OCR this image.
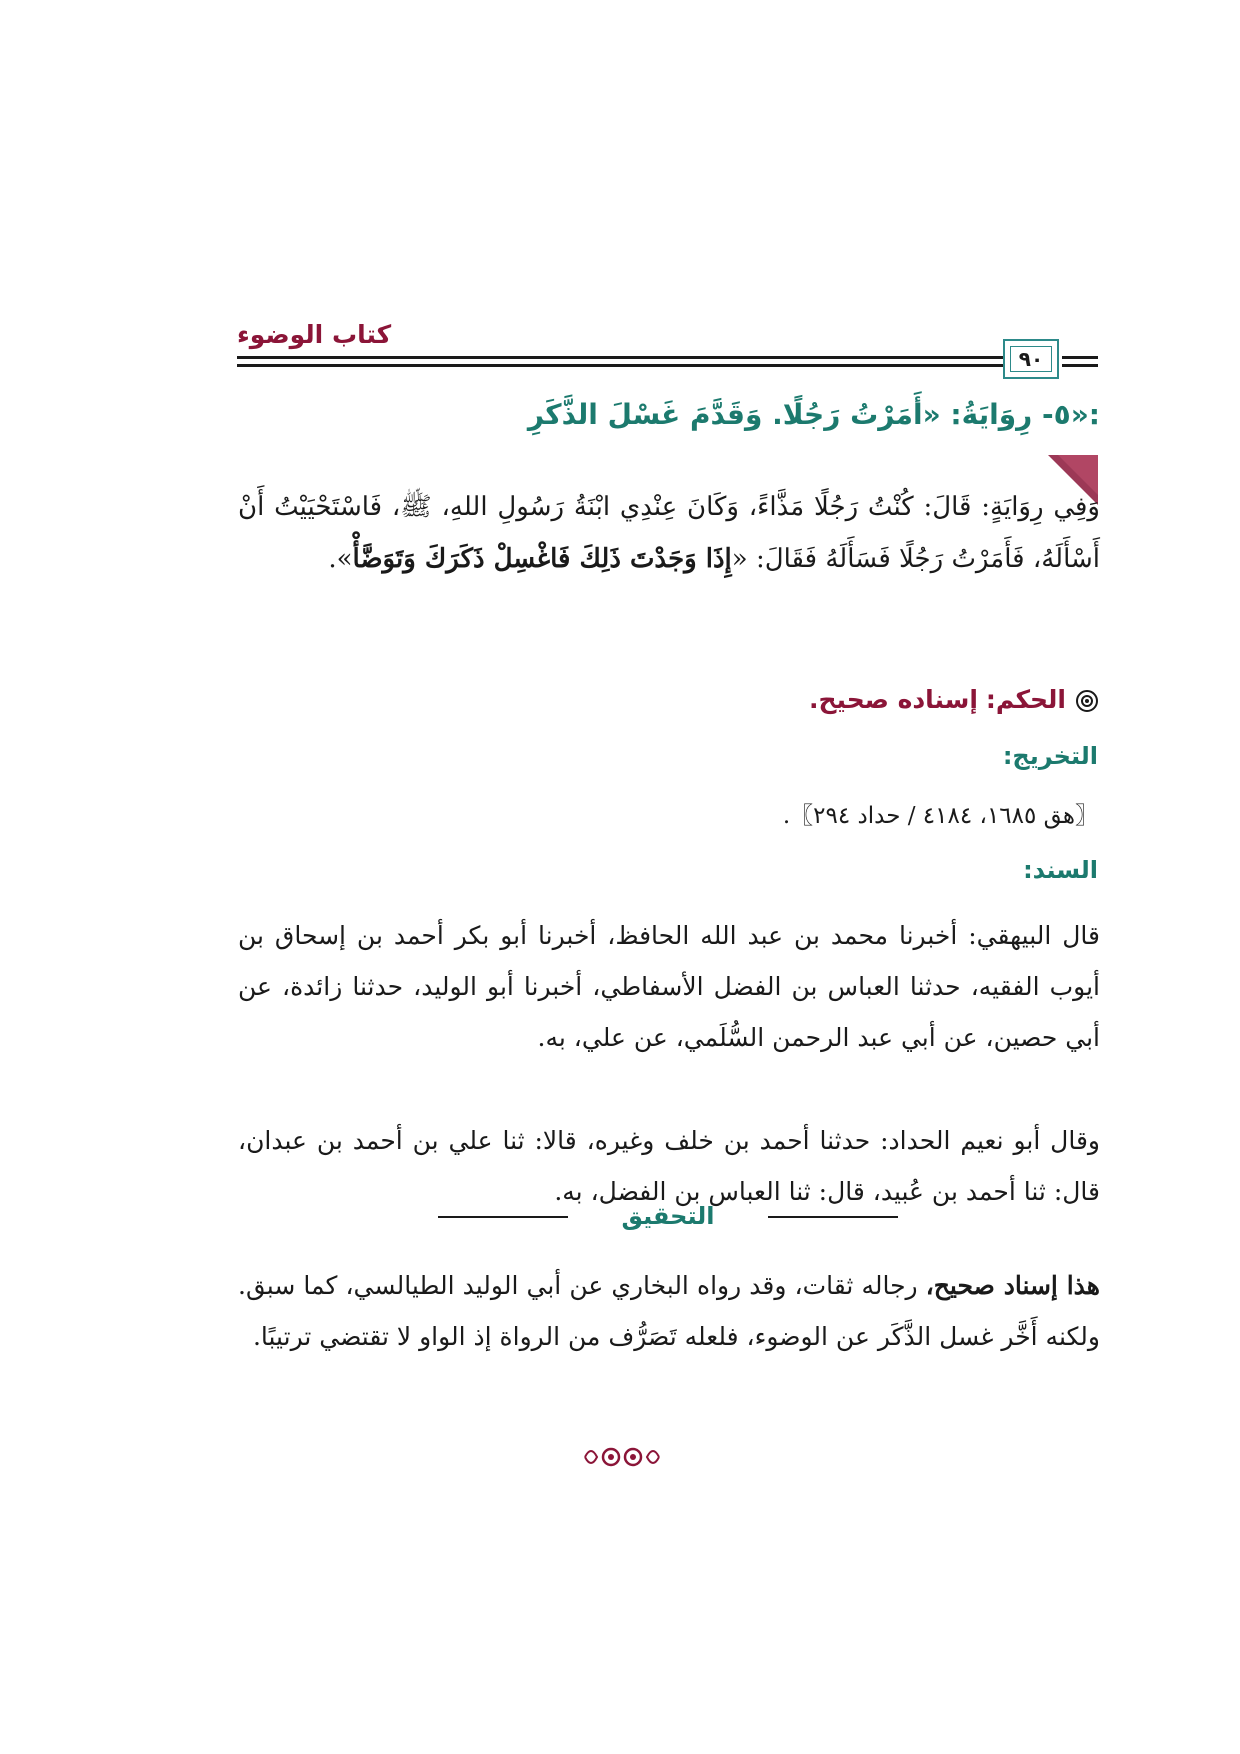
كتاب الوضوء
٩٠
٥- رِوَايَةُ: «أَمَرْتُ رَجُلًا. وَقَدَّمَ غَسْلَ الذَّكَرِ»:
وَفِي رِوَايَةٍ: قَالَ: كُنْتُ رَجُلًا مَذَّاءً، وَكَانَ عِنْدِي ابْنَةُ رَسُولِ اللهِ، ﷺ، فَاسْتَحْيَيْتُ أَنْ أَسْأَلَهُ، فَأَمَرْتُ رَجُلًا فَسَأَلَهُ فَقَالَ: «إِذَا وَجَدْتَ ذَلِكَ فَاغْسِلْ ذَكَرَكَ وَتَوَضَّأْ».
الحكم: إسناده صحيح.
التخريج:
〖هق ١٦٨٥، ٤١٨٤ / حداد ٢٩٤〗.
السند:
قال البيهقي: أخبرنا محمد بن عبد الله الحافظ، أخبرنا أبو بكر أحمد بن إسحاق بن أيوب الفقيه، حدثنا العباس بن الفضل الأسفاطي، أخبرنا أبو الوليد، حدثنا زائدة، عن أبي حصين، عن أبي عبد الرحمن السُّلَمي، عن علي، به.
وقال أبو نعيم الحداد: حدثنا أحمد بن خلف وغيره، قالا: ثنا علي بن أحمد بن عبدان، قال: ثنا أحمد بن عُبيد، قال: ثنا العباس بن الفضل، به.
التحقيق
هذا إسناد صحيح، رجاله ثقات، وقد رواه البخاري عن أبي الوليد الطيالسي، كما سبق. ولكنه أَخَّر غسل الذَّكَر عن الوضوء، فلعله تَصَرُّف من الرواة إذ الواو لا تقتضي ترتيبًا.
